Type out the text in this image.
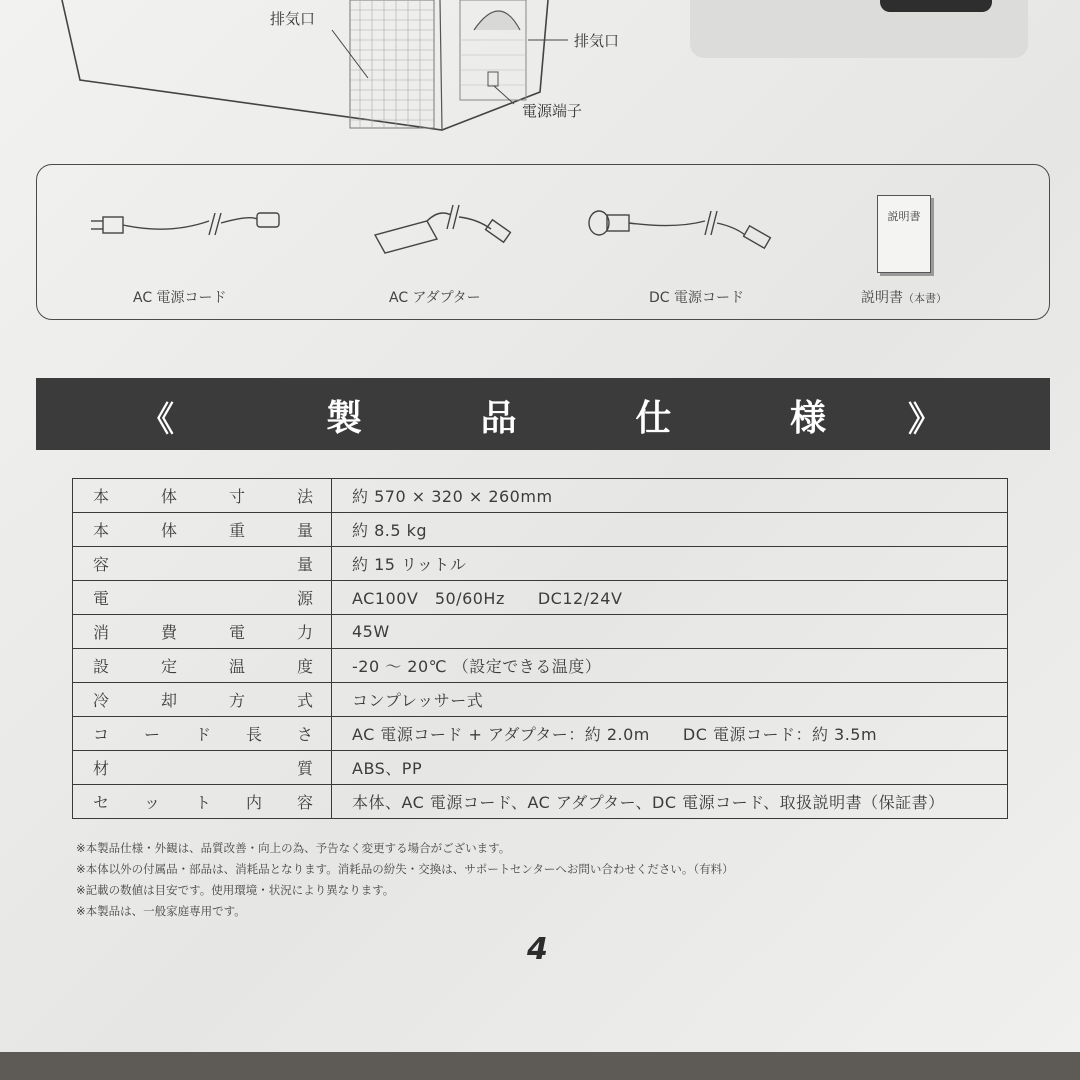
排気口
排気口
電源端子
AC 電源コード	AC アダプター	DC 電源コード
説明書
説明書（本書）
《	製	品	仕	様 》
本 体 寸 法	約 570 × 320 × 260mm

本 体 重 量	約 8.5 kg

容 量	約 15 リットル

電 源	AC100V　50/60Hz　　DC12/24V

消 費 電 力	45W

設 定 温 度	-20 〜 20℃ （設定できる温度）

冷 却 方 式	コンプレッサー式

コ ー ド 長 さ	AC 電源コード + アダプター：約 2.0m　　DC 電源コード：約 3.5m

材 質	ABS、PP

セ ッ ト 内 容	本体、AC 電源コード、AC アダプター、DC 電源コード、取扱説明書（保証書）
※本製品仕様・外観は、品質改善・向上の為、予告なく変更する場合がございます。
※本体以外の付属品・部品は、消耗品となります。消耗品の紛失・交換は、サポートセンターへお問い合わせください。（有料）
※記載の数値は目安です。使用環境・状況により異なります。
※本製品は、一般家庭専用です。
4
